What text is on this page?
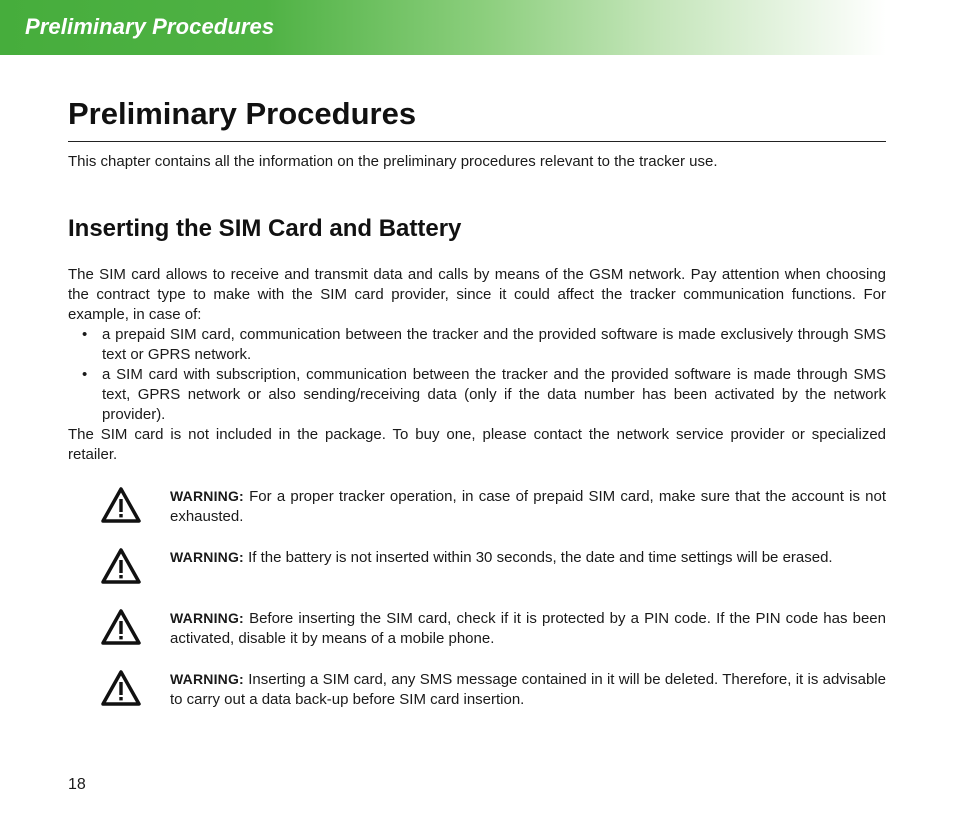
Preliminary Procedures
Preliminary Procedures

This chapter contains all the information on the preliminary procedures relevant to the tracker use.

Inserting the SIM Card and Battery

The SIM card allows to receive and transmit data and calls by means of the GSM network. Pay attention when choosing the contract type to make with the SIM card provider, since it could affect the tracker communication functions. For example, in case of:

• a prepaid SIM card, communication between the tracker and the provided software is made exclusively through SMS text or GPRS network.
• a SIM card with subscription, communication between the tracker and the provided software is made through SMS text, GPRS network or also sending/receiving data (only if the data number has been activated by the network provider).

The SIM card is not included in the package. To buy one, please contact the network service provider or specialized retailer.

WARNING: For a proper tracker operation, in case of prepaid SIM card, make sure that the account is not exhausted.
WARNING: If the battery is not inserted within 30 seconds, the date and time settings will be erased.
WARNING: Before inserting the SIM card, check if it is protected by a PIN code. If the PIN code has been activated, disable it by means of a mobile phone.
WARNING: Inserting a SIM card, any SMS message contained in it will be deleted. Therefore, it is advisable to carry out a data back-up before SIM card insertion.
18
